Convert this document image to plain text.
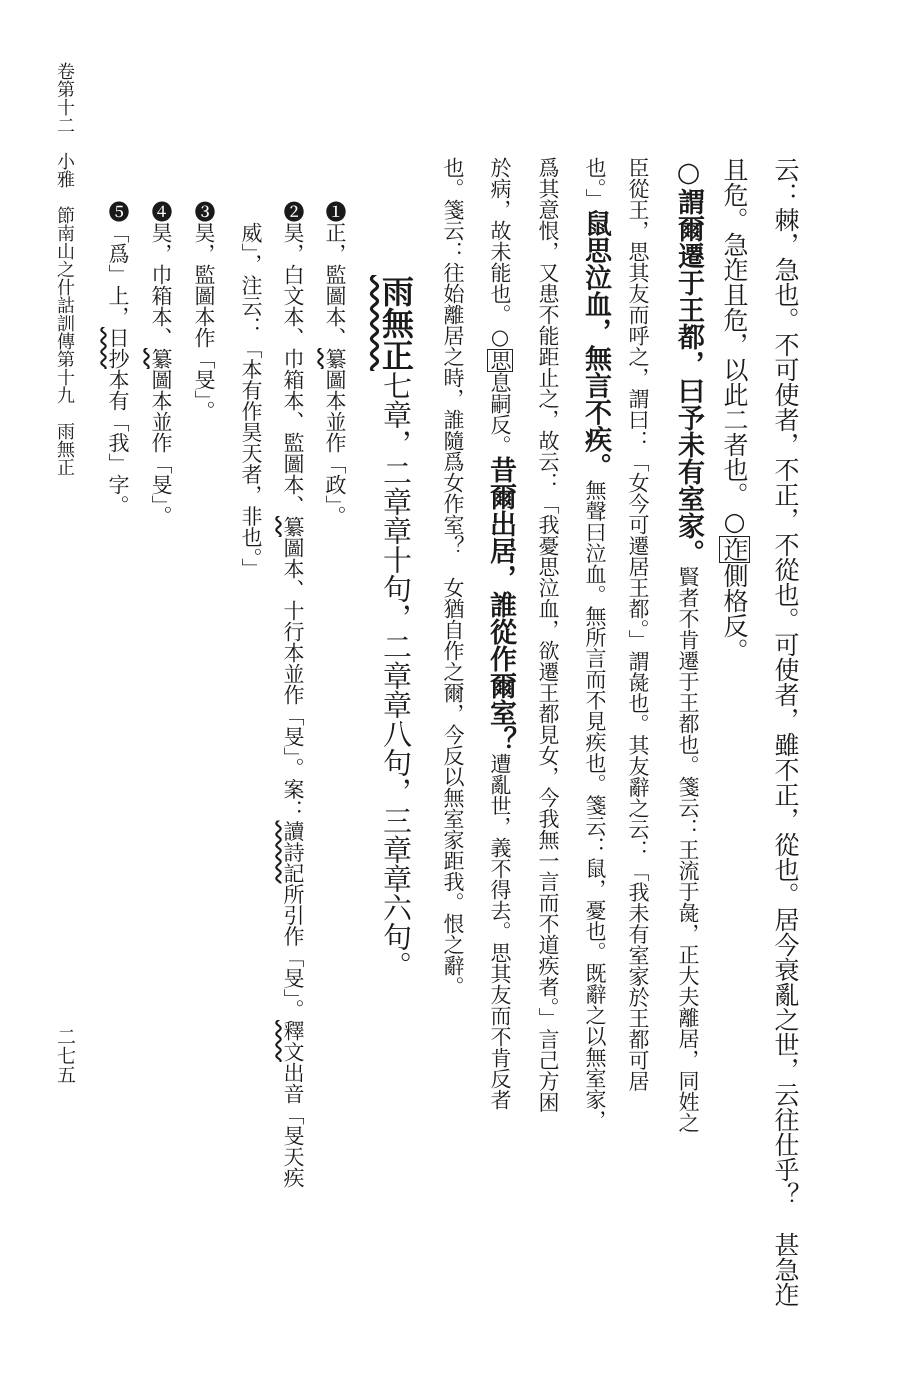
云：棘，急也。不可使者，不正，不從也。可使者，雖不正，從也。居今衰亂之世，云往仕乎？　甚急迮
且危。急迮且危，以此二者也。○迮側格反。
○謂爾遷于王都，曰予未有室家。賢者不肯遷于王都也。箋云：王流于彘，正大夫離居，同姓之
臣從王，思其友而呼之，謂曰：「女今可遷居王都。」謂彘也。其友辭之云：「我未有室家於王都可居
也。」鼠思泣血，無言不疾。無聲曰泣血。無所言而不見疾也。箋云：鼠，憂也。既辭之以無室家，
爲其意恨，又患不能距止之，故云：「我憂思泣血，欲遷王都見女，今我無一言而不道疾者。」言己方困
於病，故未能也。○思息嗣反。昔爾出居，誰從作爾室？遭亂世，義不得去。思其友而不肯反者
也。箋云：往始離居之時，誰隨爲女作室？　女猶自作之爾，今反以無室家距我。恨之辭。
雨無正七章，二章章十句，二章章八句，三章章六句。
❶正，監圖本、纂圖本並作「政」。
❷昊，白文本、巾箱本、監圖本、纂圖本、十行本並作「旻」。案：讀詩記所引作「旻」。釋文出音「旻天疾
威」，注云：「本有作昊天者，非也。」
❸昊，監圖本作「旻」。
❹昊，巾箱本、纂圖本並作「旻」。
❺「爲」上，日抄本有「我」字。
卷第十二　小雅　節南山之什詁訓傳第十九　雨無正
二七五
